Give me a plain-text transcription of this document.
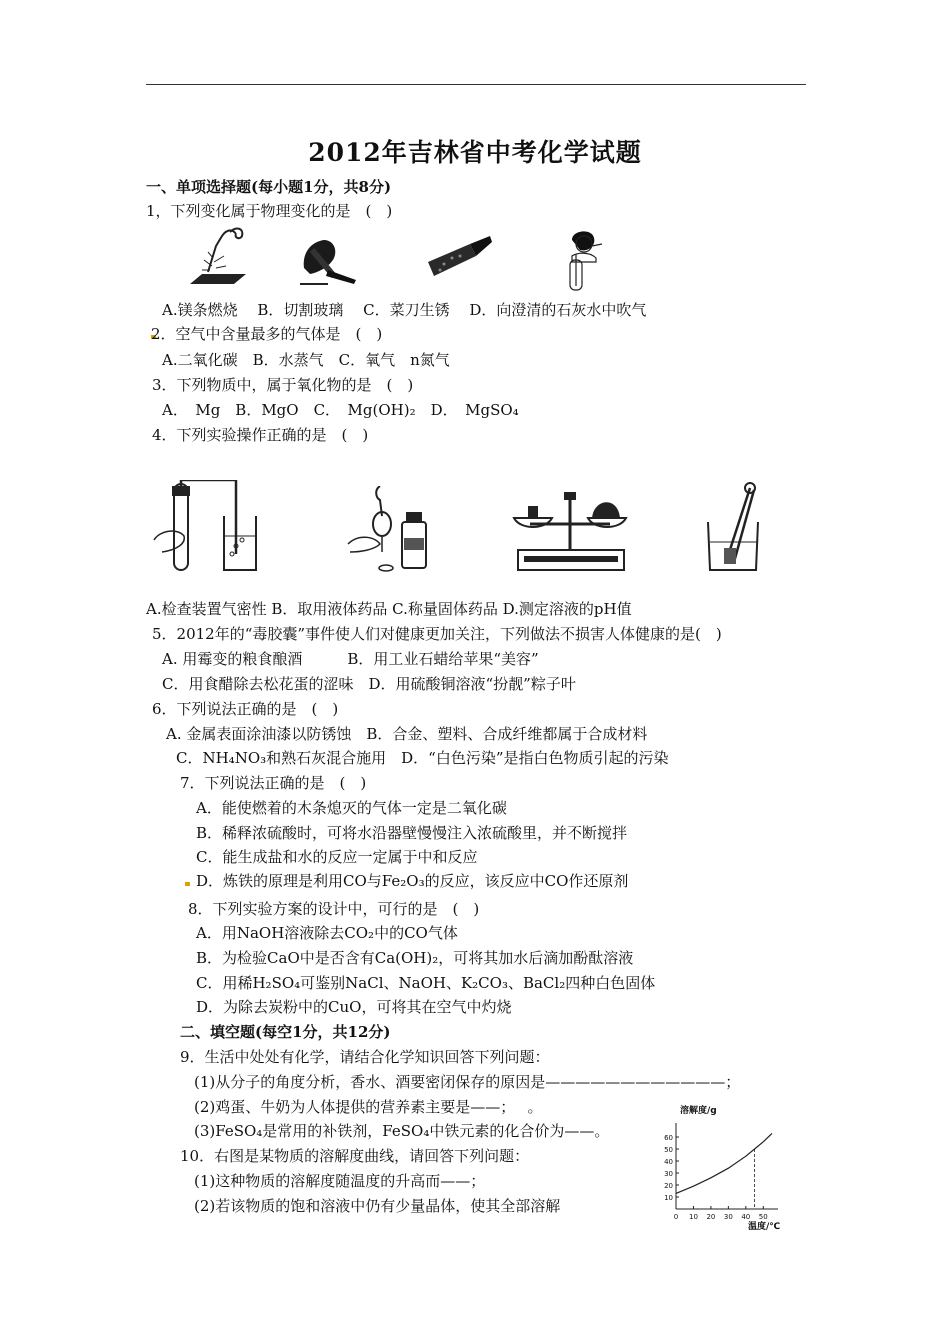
2012年吉林省中考化学试题
一、单项选择题(每小题1分，共8分)
1，下列变化属于物理变化的是　(　)
A.镁条燃烧　 B．切割玻璃　 C．菜刀生锈　 D．向澄清的石灰水中吹气
2．空气中含量最多的气体是　(　)
A.二氧化碳　B．水蒸气　C．氧气　n氮气
3．下列物质中，属于氧化物的是　(　)
A．　Mg　B．MgO　C．　Mg(OH)₂　D．　MgSO₄
4．下列实验操作正确的是　(　)
A.检查装置气密性 B．取用液体药品 C.称量固体药品 D.测定溶液的pH值
5．2012年的“毒胶囊”事件使人们对健康更加关注，下列做法不损害人体健康的是(　)
A. 用霉变的粮食酿酒　　　B．用工业石蜡给苹果“美容”
C．用食醋除去松花蛋的涩味　D．用硫酸铜溶液“扮靓”粽子叶
6．下列说法正确的是　(　)
A. 金属表面涂油漆以防锈蚀　B．合金、塑料、合成纤维都属于合成材料
C．NH₄NO₃和熟石灰混合施用　D．“白色污染”是指白色物质引起的污染
7．下列说法正确的是　(　)
A．能使燃着的木条熄灭的气体一定是二氧化碳
B．稀释浓硫酸时，可将水沿器壁慢慢注入浓硫酸里，并不断搅拌
C．能生成盐和水的反应一定属于中和反应
D．炼铁的原理是利用CO与Fe₂O₃的反应，该反应中CO作还原剂
8．下列实验方案的设计中，可行的是　(　)
A．用NaOH溶液除去CO₂中的CO气体
B．为检验CaO中是否含有Ca(OH)₂，可将其加水后滴加酚酞溶液
C．用稀H₂SO₄可鉴别NaCl、NaOH、K₂CO₃、BaCl₂四种白色固体
D．为除去炭粉中的CuO，可将其在空气中灼烧
二、填空题(每空1分，共12分)
9．生活中处处有化学，请结合化学知识回答下列问题：
(1)从分子的角度分析，香水、酒要密闭保存的原因是————————————；
(2)鸡蛋、牛奶为人体提供的营养素主要是——；　 。
(3)FeSO₄是常用的补铁剂，FeSO₄中铁元素的化合价为——。
10．右图是某物质的溶解度曲线，请回答下列问题：
(1)这种物质的溶解度随温度的升高而——；
(2)若该物质的饱和溶液中仍有少量晶体，使其全部溶解
溶解度/g
温度/℃
10
20
30
40
50
60
0 10 20 30 40 50
